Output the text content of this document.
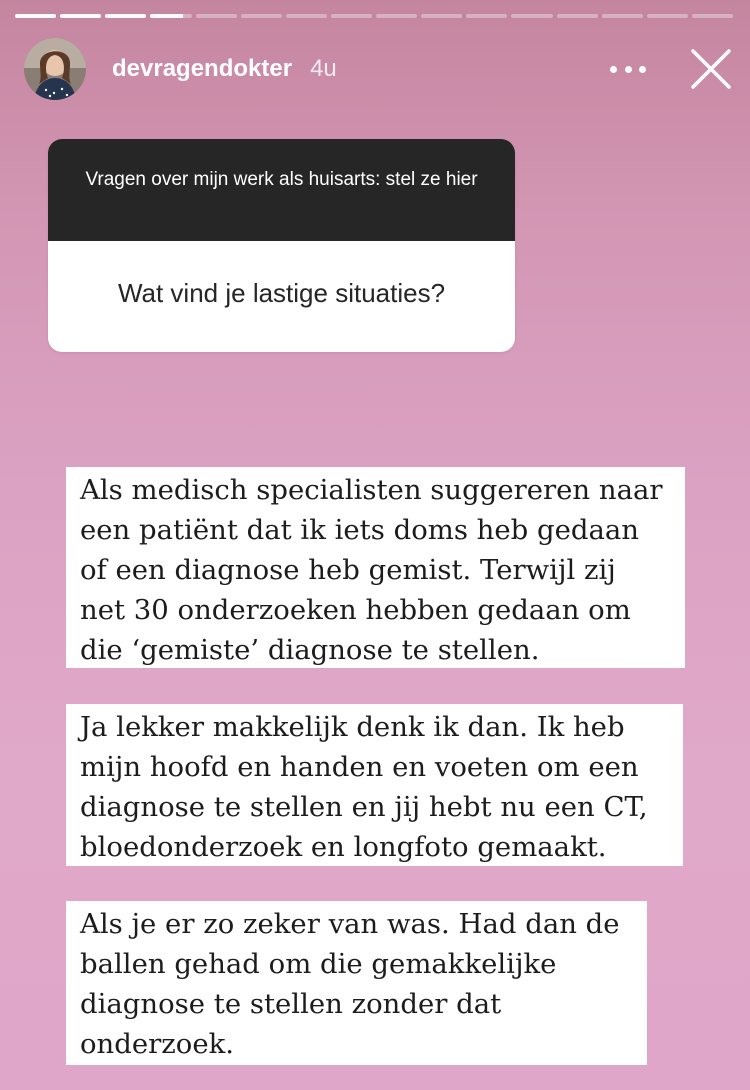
devragendokter 4u
Vragen over mijn werk als huisarts: stel ze hier
Wat vind je lastige situaties?
Als medisch specialisten suggereren naar
een patiënt dat ik iets doms heb gedaan
of een diagnose heb gemist. Terwijl zij
net 30 onderzoeken hebben gedaan om
die ‘gemiste’ diagnose te stellen.
Ja lekker makkelijk denk ik dan. Ik heb
mijn hoofd en handen en voeten om een
diagnose te stellen en jij hebt nu een CT,
bloedonderzoek en longfoto gemaakt.
Als je er zo zeker van was. Had dan de
ballen gehad om die gemakkelijke
diagnose te stellen zonder dat
onderzoek.
